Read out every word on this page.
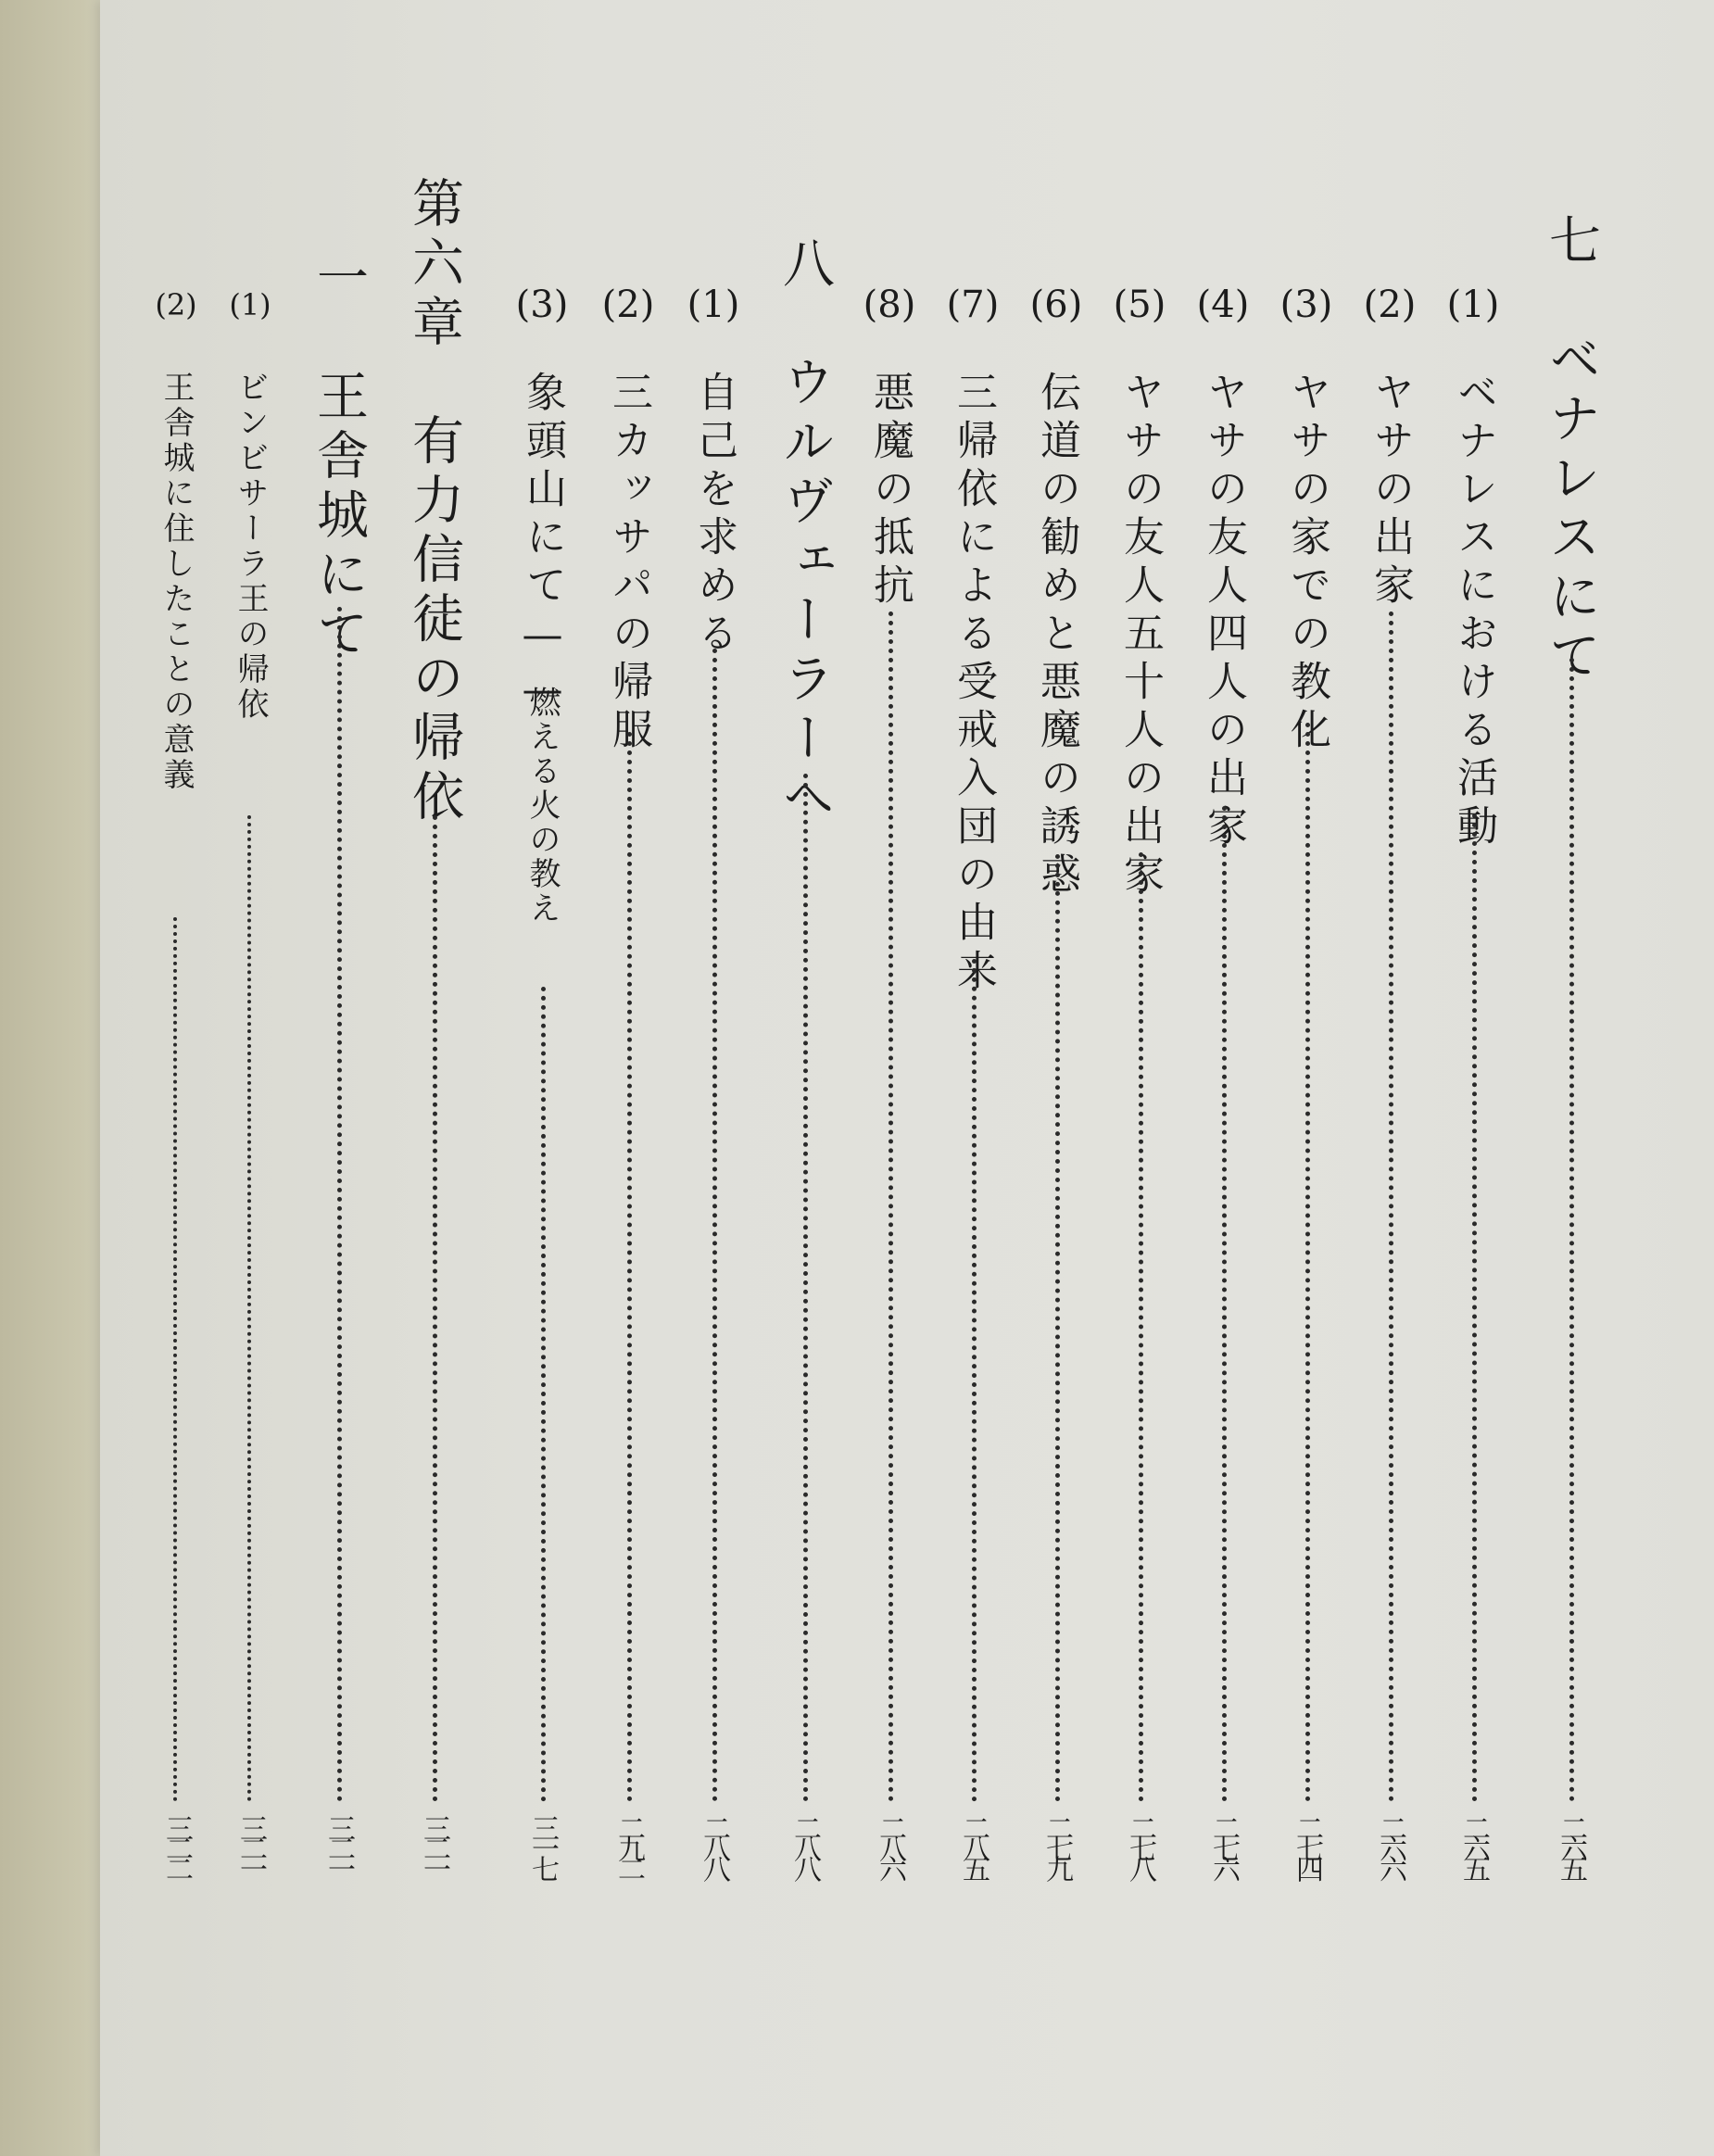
七　ベナレスにて
二六五
(1)
ベナレスにおける活動
二六五
(2)
ヤサの出家
二六六
(3)
ヤサの家での教化
二七四
(4)
ヤサの友人四人の出家
二七六
(5)
ヤサの友人五十人の出家
二七八
(6)
伝道の勧めと悪魔の誘惑
二七九
(7)
三帰依による受戒入団の由来
二八五
(8)
悪魔の抵抗
二八六
八　ウルヴェーラーへ
二八八
(1)
自己を求める
二八八
(2)
三カッサパの帰服
二九二
(3)
象頭山にて——
燃える火の教え
三一七
第六章　有力信徒の帰依
三二一
一　王舎城にて
三二一
(1)
ビンビサーラ王の帰依
三二一
(2)
王舎城に住したことの意義
三二二
